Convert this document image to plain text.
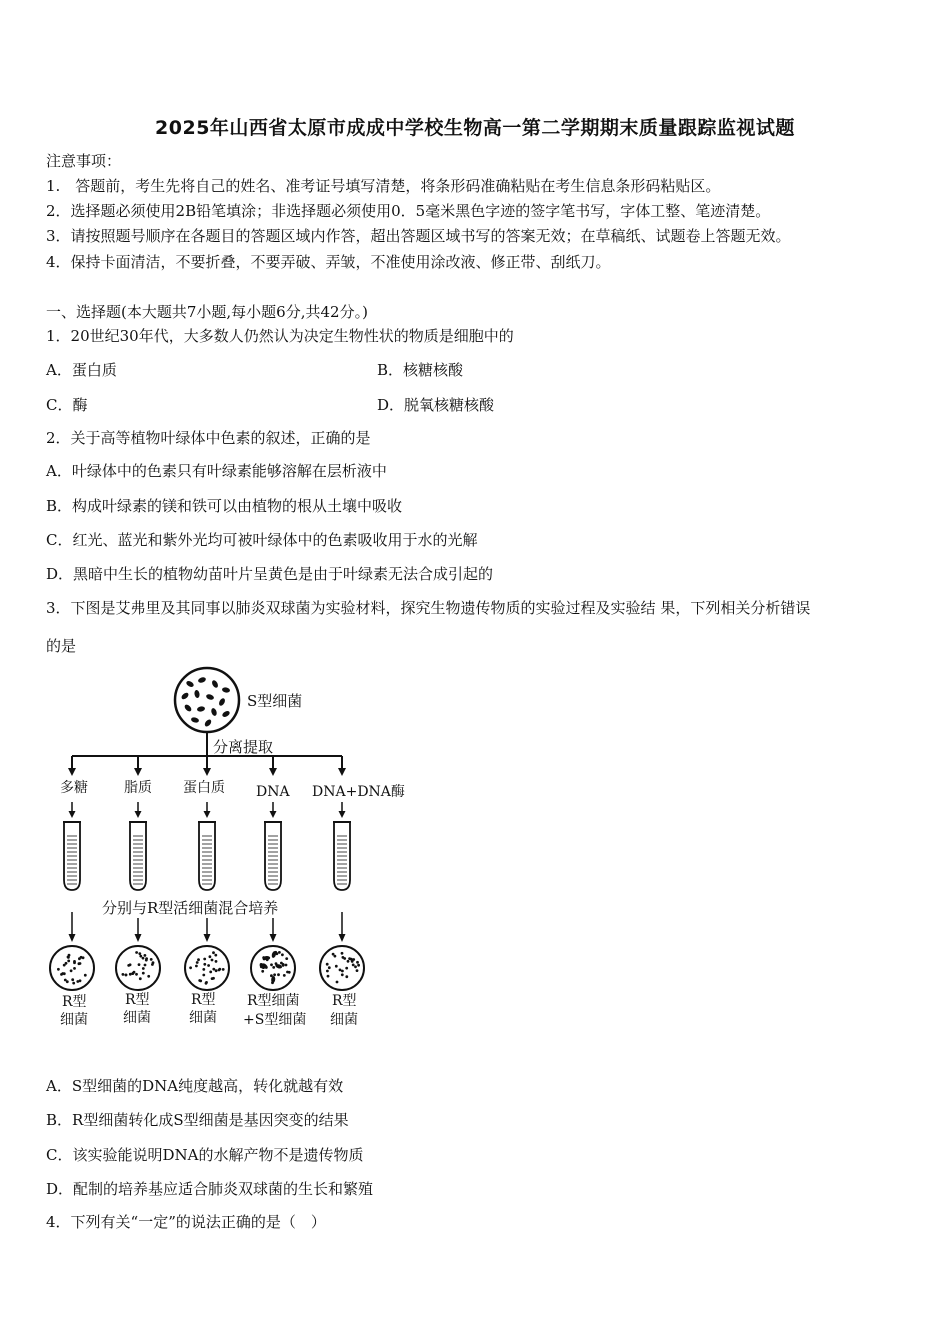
2025年山西省太原市成成中学校生物高一第二学期期末质量跟踪监视试题
注意事项：
1.　答题前，考生先将自己的姓名、准考证号填写清楚，将条形码准确粘贴在考生信息条形码粘贴区。
2．选择题必须使用2B铅笔填涂；非选择题必须使用0．5毫米黑色字迹的签字笔书写，字体工整、笔迹清楚。
3．请按照题号顺序在各题目的答题区域内作答，超出答题区域书写的答案无效；在草稿纸、试题卷上答题无效。
4．保持卡面清洁，不要折叠，不要弄破、弄皱，不准使用涂改液、修正带、刮纸刀。
一、选择题(本大题共7小题,每小题6分,共42分。)
1．20世纪30年代，大多数人仍然认为决定生物性状的物质是细胞中的
A．蛋白质	B．核糖核酸
C．酶	D．脱氧核糖核酸
2．关于高等植物叶绿体中色素的叙述，正确的是
A．叶绿体中的色素只有叶绿素能够溶解在层析液中
B．构成叶绿素的镁和铁可以由植物的根从土壤中吸收
C．红光、蓝光和紫外光均可被叶绿体中的色素吸收用于水的光解
D．黑暗中生长的植物幼苗叶片呈黄色是由于叶绿素无法合成引起的
3．下图是艾弗里及其同事以肺炎双球菌为实验材料，探究生物遗传物质的实验过程及实验结 果，下列相关分析错误
的是
S型细菌
分离提取
多糖	脂质 蛋白质 DNA DNA+DNA酶
分别与R型活细菌混合培养
R型
细菌
R型
细菌
R型
细菌
R型细菌
+S型细菌
R型
细菌
A．S型细菌的DNA纯度越高，转化就越有效
B．R型细菌转化成S型细菌是基因突变的结果
C．该实验能说明DNA的水解产物不是遗传物质
D．配制的培养基应适合肺炎双球菌的生长和繁殖
4．下列有关“一定”的说法正确的是（　）
